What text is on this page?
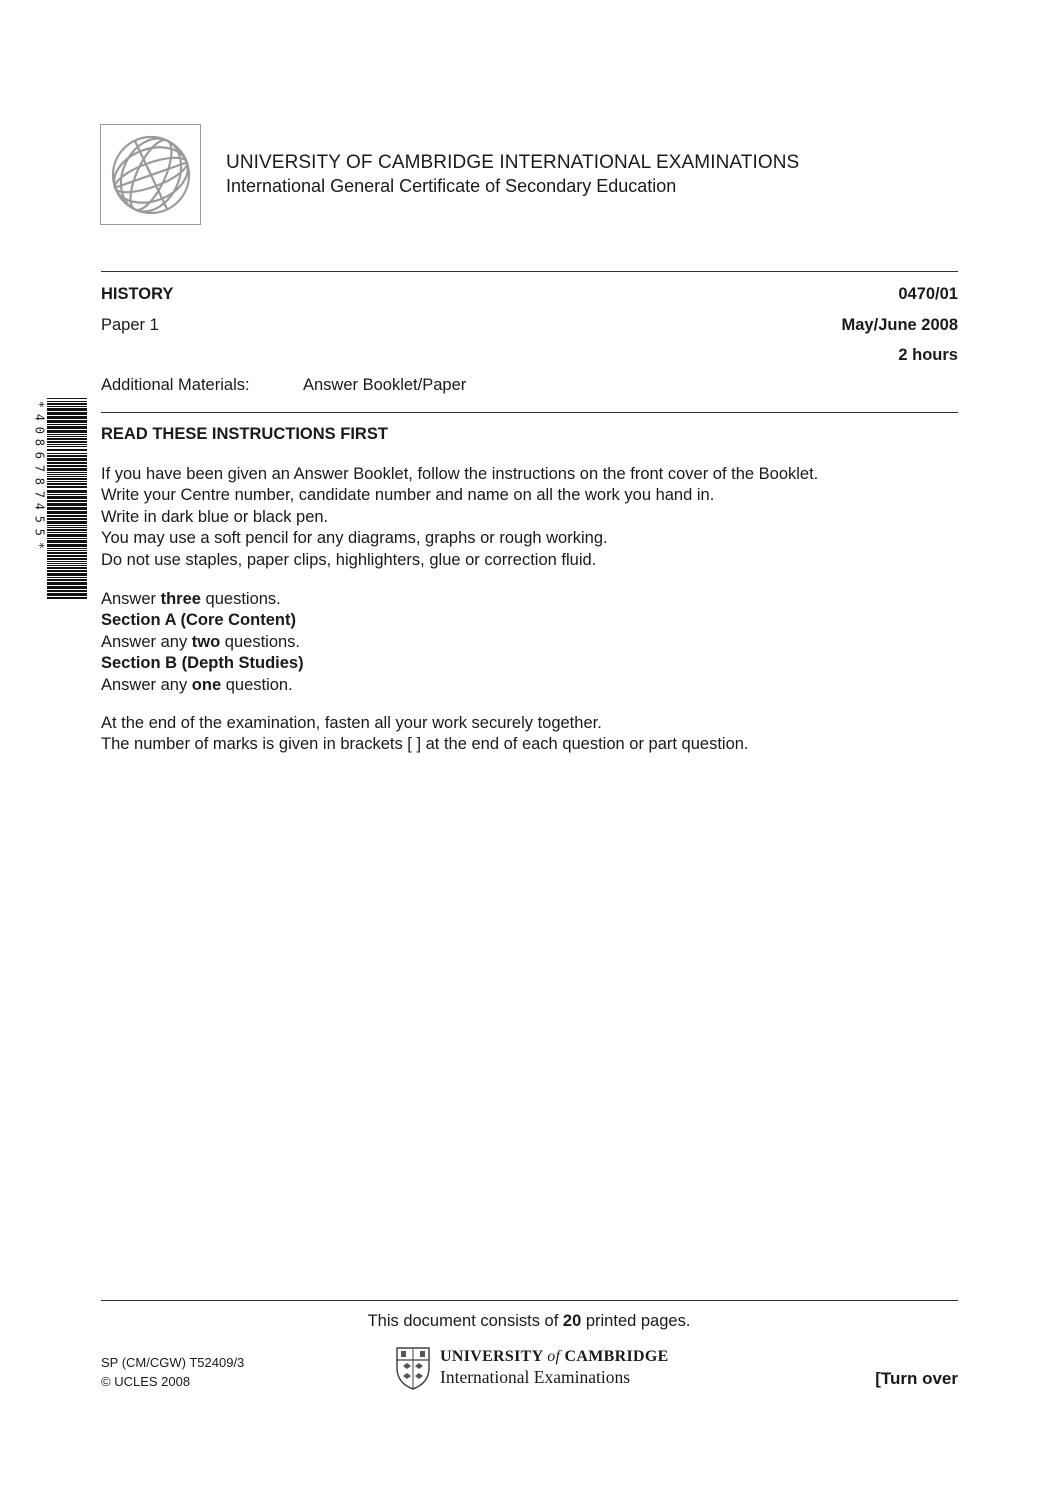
UNIVERSITY OF CAMBRIDGE INTERNATIONAL EXAMINATIONS
International General Certificate of Secondary Education
HISTORY	0470/01
Paper 1	May/June 2008
2 hours
Additional Materials:	Answer Booklet/Paper
*
4
0
8
6
7
8
7
4
5
5
*
READ THESE INSTRUCTIONS FIRST
If you have been given an Answer Booklet, follow the instructions on the front cover of the Booklet.
Write your Centre number, candidate number and name on all the work you hand in.
Write in dark blue or black pen.
You may use a soft pencil for any diagrams, graphs or rough working.
Do not use staples, paper clips, highlighters, glue or correction fluid.
Answer three questions.
Section A (Core Content)
Answer any two questions.
Section B (Depth Studies)
Answer any one question.
At the end of the examination, fasten all your work securely together.
The number of marks is given in brackets [ ] at the end of each question or part question.
This document consists of 20 printed pages.
SP (CM/CGW) T52409/3
© UCLES 2008
UNIVERSITY of CAMBRIDGE
International Examinations	[Turn over
